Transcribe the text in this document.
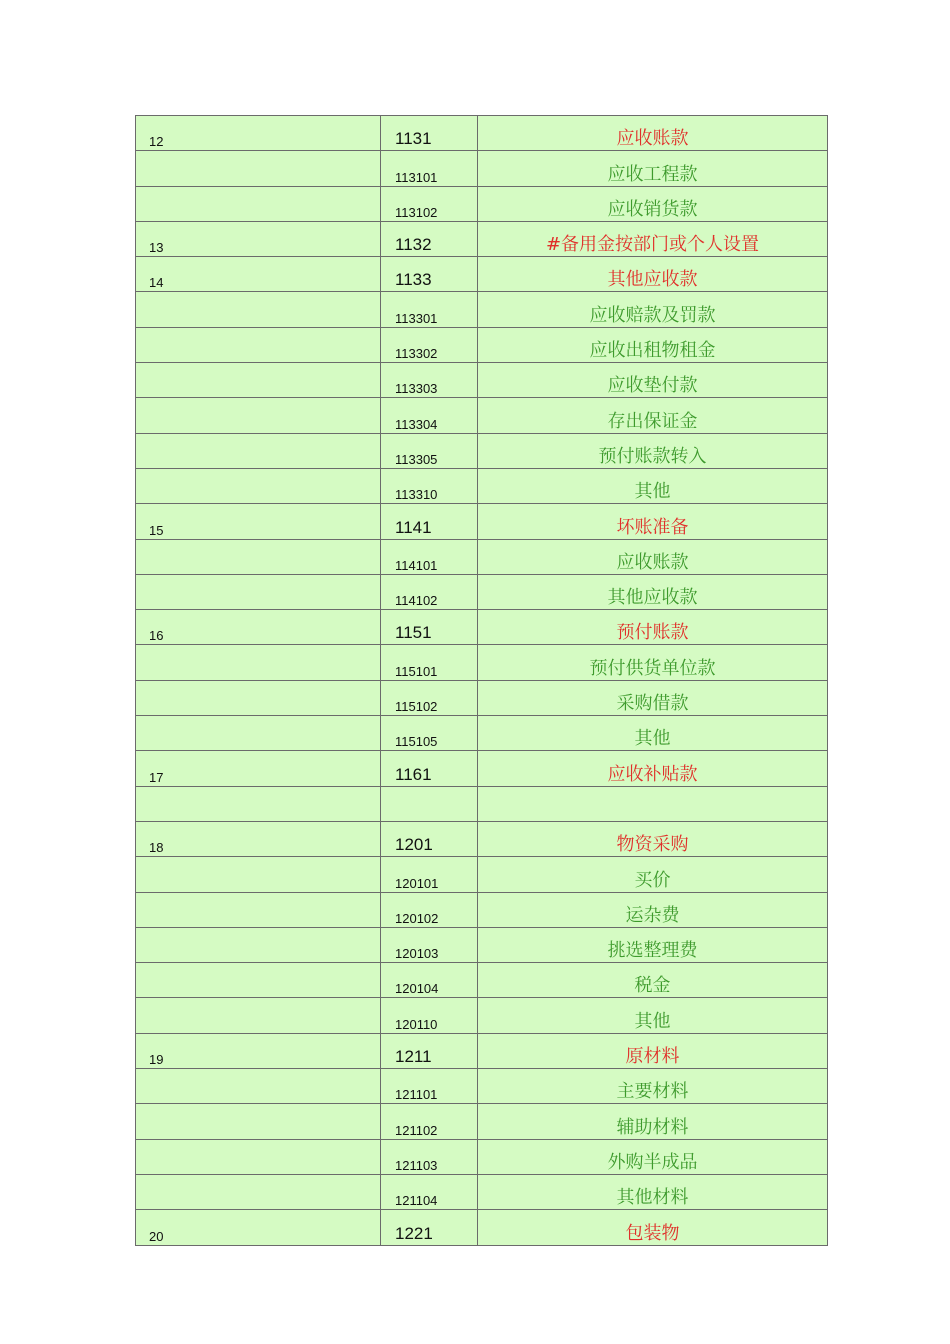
12	1131	应收账款
	113101	应收工程款
	113102	应收销货款
13	1132	#备用金按部门或个人设置
14	1133	其他应收款
	113301	应收赔款及罚款
	113302	应收出租物租金
	113303	应收垫付款
	113304	存出保证金
	113305	预付账款转入
	113310	其他
15	1141	坏账准备
	114101	应收账款
	114102	其他应收款
16	1151	预付账款
	115101	预付供货单位款
	115102	采购借款
	115105	其他
17	1161	应收补贴款

18	1201	物资采购
	120101	买价
	120102	运杂费
	120103	挑选整理费
	120104	税金
	120110	其他
19	1211	原材料
	121101	主要材料
	121102	辅助材料
	121103	外购半成品
	121104	其他材料
20	1221	包装物
